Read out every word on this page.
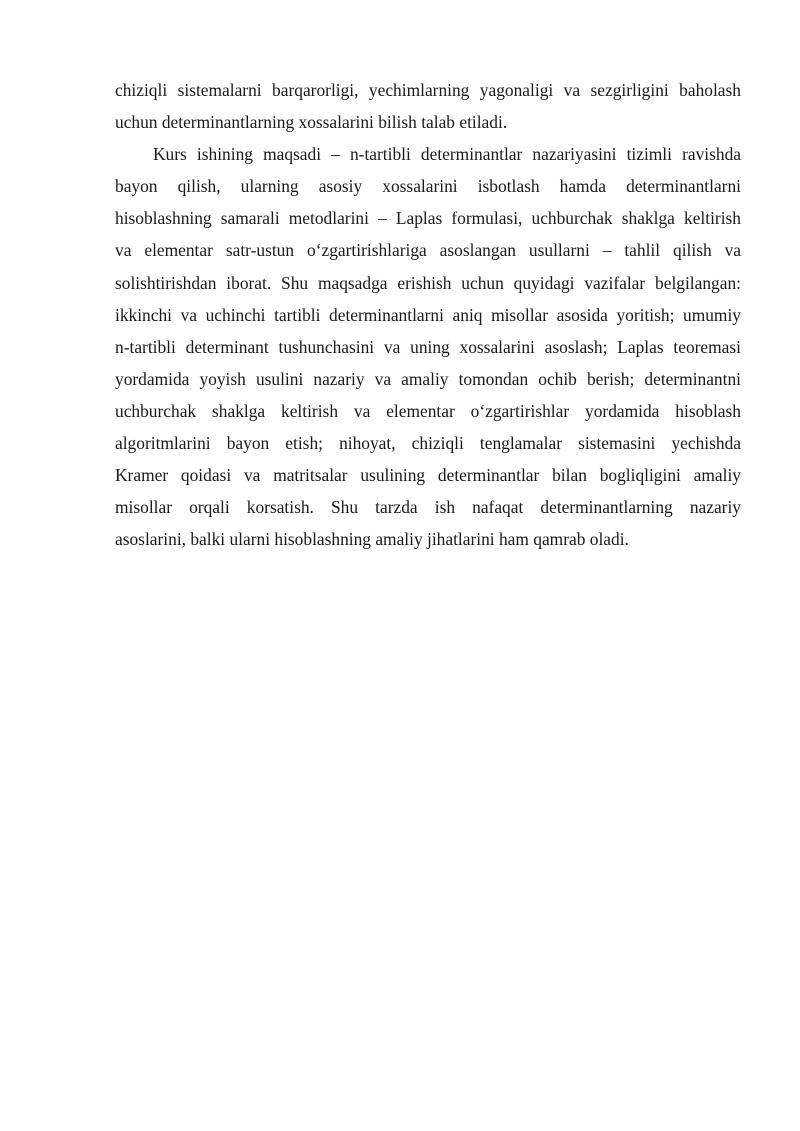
chiziqli sistemalarni barqarorligi, yechimlarning yagonaligi va sezgirligini baholash
uchun determinantlarning xossalarini bilish talab etiladi.
Kurs ishining maqsadi – n-tartibli determinantlar nazariyasini tizimli ravishda
bayon qilish, ularning asosiy xossalarini isbotlash hamda determinantlarni
hisoblashning samarali metodlarini – Laplas formulasi, uchburchak shaklga keltirish
va elementar satr-ustun oʻzgartirishlariga asoslangan usullarni – tahlil qilish va
solishtirishdan iborat. Shu maqsadga erishish uchun quyidagi vazifalar belgilangan:
ikkinchi va uchinchi tartibli determinantlarni aniq misollar asosida yoritish; umumiy
n-tartibli determinant tushunchasini va uning xossalarini asoslash; Laplas teoremasi
yordamida yoyish usulini nazariy va amaliy tomondan ochib berish; determinantni
uchburchak shaklga keltirish va elementar oʻzgartirishlar yordamida hisoblash
algoritmlarini bayon etish; nihoyat, chiziqli tenglamalar sistemasini yechishda
Kramer qoidasi va matritsalar usulining determinantlar bilan bogliqligini amaliy
misollar orqali korsatish. Shu tarzda ish nafaqat determinantlarning nazariy
asoslarini, balki ularni hisoblashning amaliy jihatlarini ham qamrab oladi.
